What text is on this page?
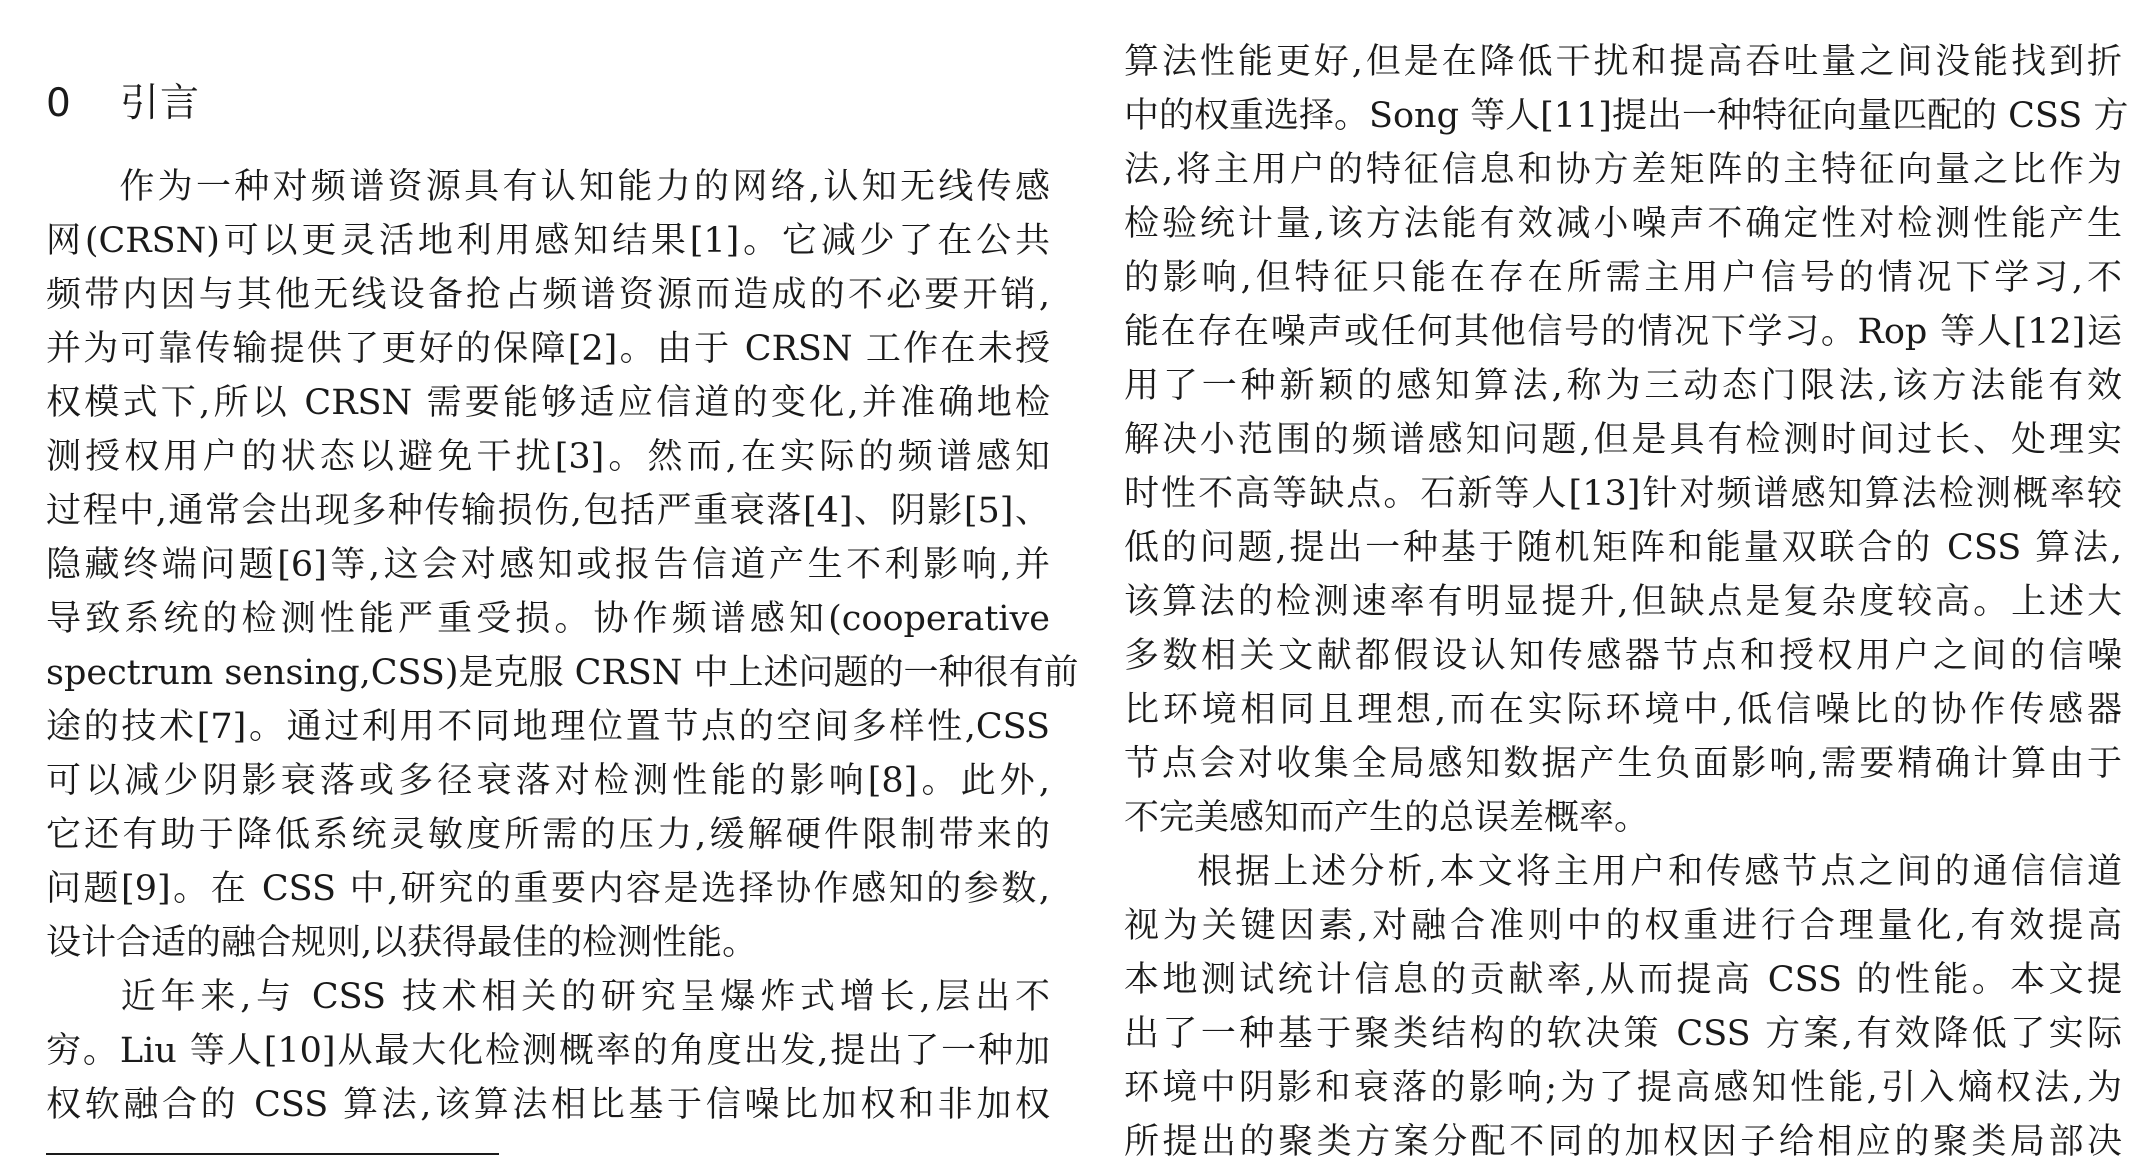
0 引言
作为一种对频谱资源具有认知能力的网络,认知无线传感
网(CRSN)可以更灵活地利用感知结果[1]。它减少了在公共
频带内因与其他无线设备抢占频谱资源而造成的不必要开销,
并为可靠传输提供了更好的保障[2]。由于 CRSN 工作在未授
权模式下,所以 CRSN 需要能够适应信道的变化,并准确地检
测授权用户的状态以避免干扰[3]。然而,在实际的频谱感知
过程中,通常会出现多种传输损伤,包括严重衰落[4]、阴影[5]、
隐藏终端问题[6]等,这会对感知或报告信道产生不利影响,并
导致系统的检测性能严重受损。协作频谱感知(cooperative
spectrum sensing,CSS)是克服 CRSN 中上述问题的一种很有前
途的技术[7]。通过利用不同地理位置节点的空间多样性,CSS
可以减少阴影衰落或多径衰落对检测性能的影响[8]。此外,
它还有助于降低系统灵敏度所需的压力,缓解硬件限制带来的
问题[9]。在 CSS 中,研究的重要内容是选择协作感知的参数,
设计合适的融合规则,以获得最佳的检测性能。
近年来,与 CSS 技术相关的研究呈爆炸式增长,层出不
穷。Liu 等人[10]从最大化检测概率的角度出发,提出了一种加
权软融合的 CSS 算法,该算法相比基于信噪比加权和非加权
算法性能更好,但是在降低干扰和提高吞吐量之间没能找到折
中的权重选择。Song 等人[11]提出一种特征向量匹配的 CSS 方
法,将主用户的特征信息和协方差矩阵的主特征向量之比作为
检验统计量,该方法能有效减小噪声不确定性对检测性能产生
的影响,但特征只能在存在所需主用户信号的情况下学习,不
能在存在噪声或任何其他信号的情况下学习。Rop 等人[12]运
用了一种新颖的感知算法,称为三动态门限法,该方法能有效
解决小范围的频谱感知问题,但是具有检测时间过长、处理实
时性不高等缺点。石新等人[13]针对频谱感知算法检测概率较
低的问题,提出一种基于随机矩阵和能量双联合的 CSS 算法,
该算法的检测速率有明显提升,但缺点是复杂度较高。上述大
多数相关文献都假设认知传感器节点和授权用户之间的信噪
比环境相同且理想,而在实际环境中,低信噪比的协作传感器
节点会对收集全局感知数据产生负面影响,需要精确计算由于
不完美感知而产生的总误差概率。
根据上述分析,本文将主用户和传感节点之间的通信信道
视为关键因素,对融合准则中的权重进行合理量化,有效提高
本地测试统计信息的贡献率,从而提高 CSS 的性能。本文提
出了一种基于聚类结构的软决策 CSS 方案,有效降低了实际
环境中阴影和衰落的影响;为了提高感知性能,引入熵权法,为
所提出的聚类方案分配不同的加权因子给相应的聚类局部决
